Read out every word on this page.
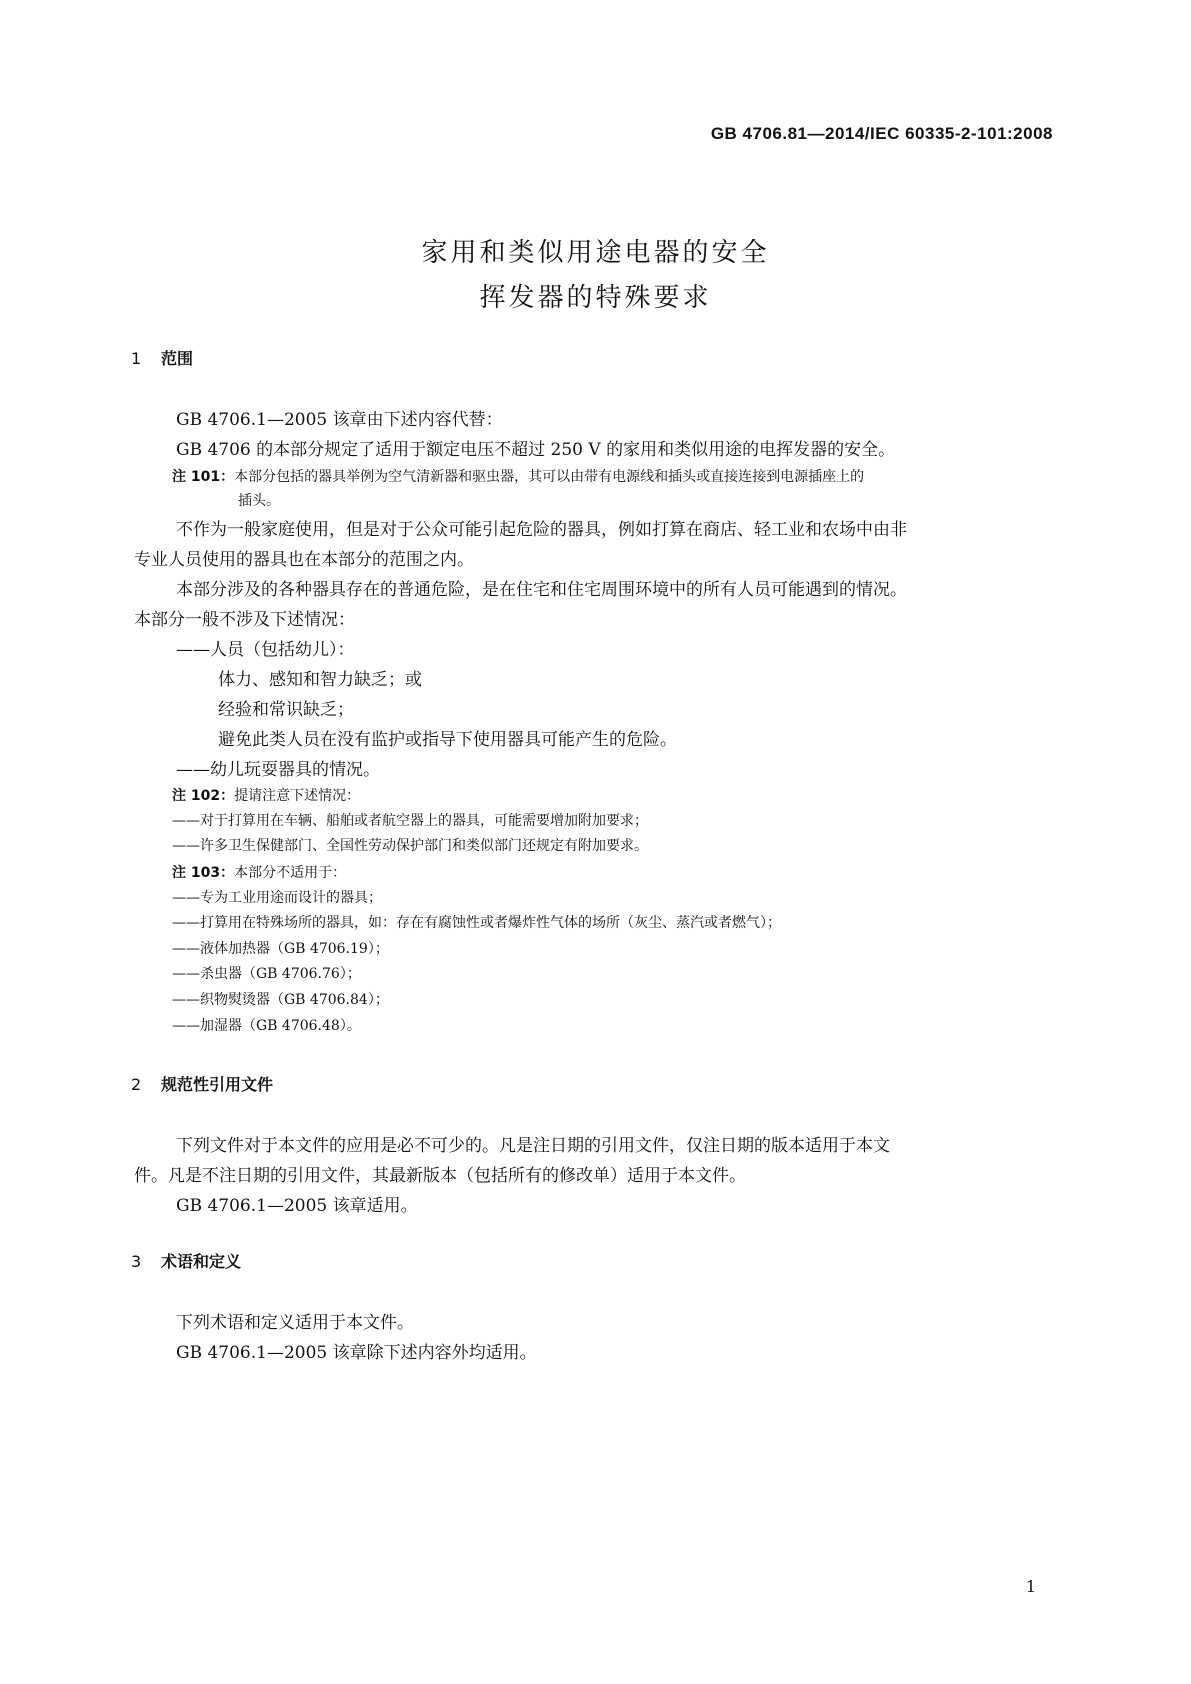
GB 4706.81—2014/IEC 60335-2-101:2008
家用和类似用途电器的安全
挥发器的特殊要求
1 范围
GB 4706.1—2005 该章由下述内容代替：
GB 4706 的本部分规定了适用于额定电压不超过 250 V 的家用和类似用途的电挥发器的安全。
注 101：本部分包括的器具举例为空气清新器和驱虫器，其可以由带有电源线和插头或直接连接到电源插座上的
插头。
不作为一般家庭使用，但是对于公众可能引起危险的器具，例如打算在商店、轻工业和农场中由非
专业人员使用的器具也在本部分的范围之内。
本部分涉及的各种器具存在的普通危险，是在住宅和住宅周围环境中的所有人员可能遇到的情况。
本部分一般不涉及下述情况：
——人员（包括幼儿）：
体力、感知和智力缺乏；或
经验和常识缺乏；
避免此类人员在没有监护或指导下使用器具可能产生的危险。
——幼儿玩耍器具的情况。
注 102：提请注意下述情况：
——对于打算用在车辆、船舶或者航空器上的器具，可能需要增加附加要求；
——许多卫生保健部门、全国性劳动保护部门和类似部门还规定有附加要求。
注 103：本部分不适用于：
——专为工业用途而设计的器具；
——打算用在特殊场所的器具，如：存在有腐蚀性或者爆炸性气体的场所（灰尘、蒸汽或者燃气）；
——液体加热器（GB 4706.19）；
——杀虫器（GB 4706.76）；
——织物熨烫器（GB 4706.84）；
——加湿器（GB 4706.48）。
2 规范性引用文件
下列文件对于本文件的应用是必不可少的。凡是注日期的引用文件，仅注日期的版本适用于本文
件。凡是不注日期的引用文件，其最新版本（包括所有的修改单）适用于本文件。
GB 4706.1—2005 该章适用。
3 术语和定义
下列术语和定义适用于本文件。
GB 4706.1—2005 该章除下述内容外均适用。
1
